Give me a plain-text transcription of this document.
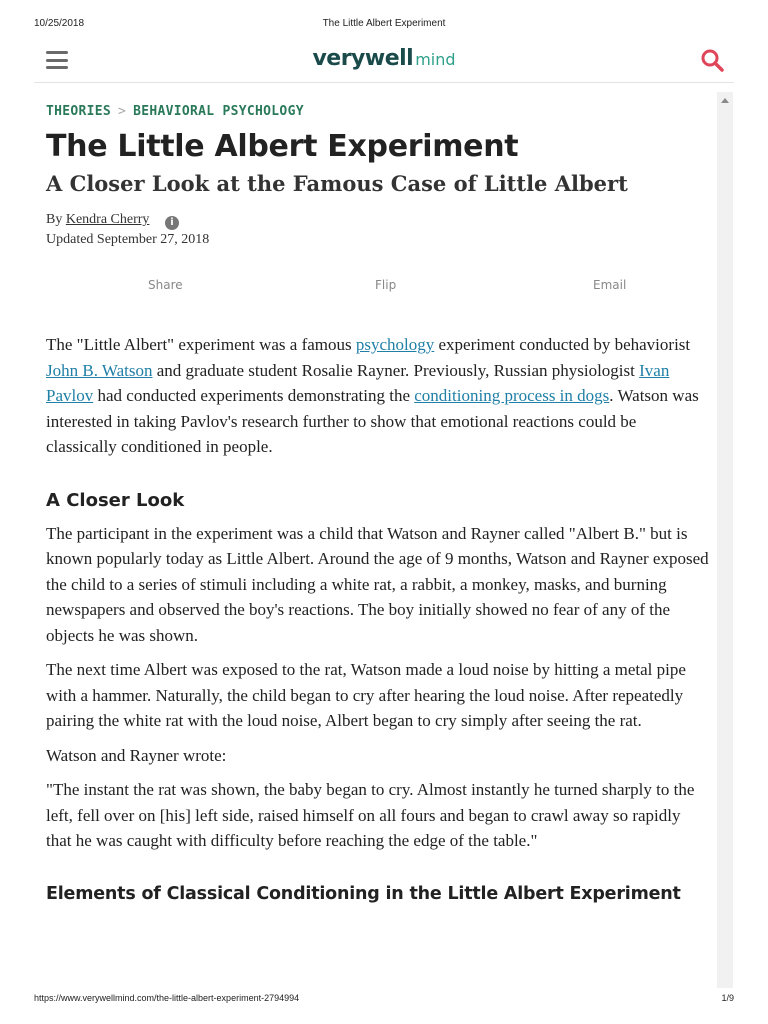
10/25/2018	The Little Albert Experiment
verywell mind
THEORIES > BEHAVIORAL PSYCHOLOGY
The Little Albert Experiment
A Closer Look at the Famous Case of Little Albert
By Kendra Cherry i
Updated September 27, 2018
Share	Flip	Email

The "Little Albert" experiment was a famous psychology experiment conducted by behaviorist John B. Watson and graduate student Rosalie Rayner. Previously, Russian physiologist Ivan Pavlov had conducted experiments demonstrating the conditioning process in dogs. Watson was interested in taking Pavlov's research further to show that emotional reactions could be classically conditioned in people.

A Closer Look

The participant in the experiment was a child that Watson and Rayner called "Albert B." but is known popularly today as Little Albert. Around the age of 9 months, Watson and Rayner exposed the child to a series of stimuli including a white rat, a rabbit, a monkey, masks, and burning newspapers and observed the boy's reactions. The boy initially showed no fear of any of the objects he was shown.

The next time Albert was exposed to the rat, Watson made a loud noise by hitting a metal pipe with a hammer. Naturally, the child began to cry after hearing the loud noise. After repeatedly pairing the white rat with the loud noise, Albert began to cry simply after seeing the rat.

Watson and Rayner wrote:

"The instant the rat was shown, the baby began to cry. Almost instantly he turned sharply to the left, fell over on [his] left side, raised himself on all fours and began to crawl away so rapidly that he was caught with difficulty before reaching the edge of the table."

Elements of Classical Conditioning in the Little Albert Experiment
https://www.verywellmind.com/the-little-albert-experiment-2794994	1/9
